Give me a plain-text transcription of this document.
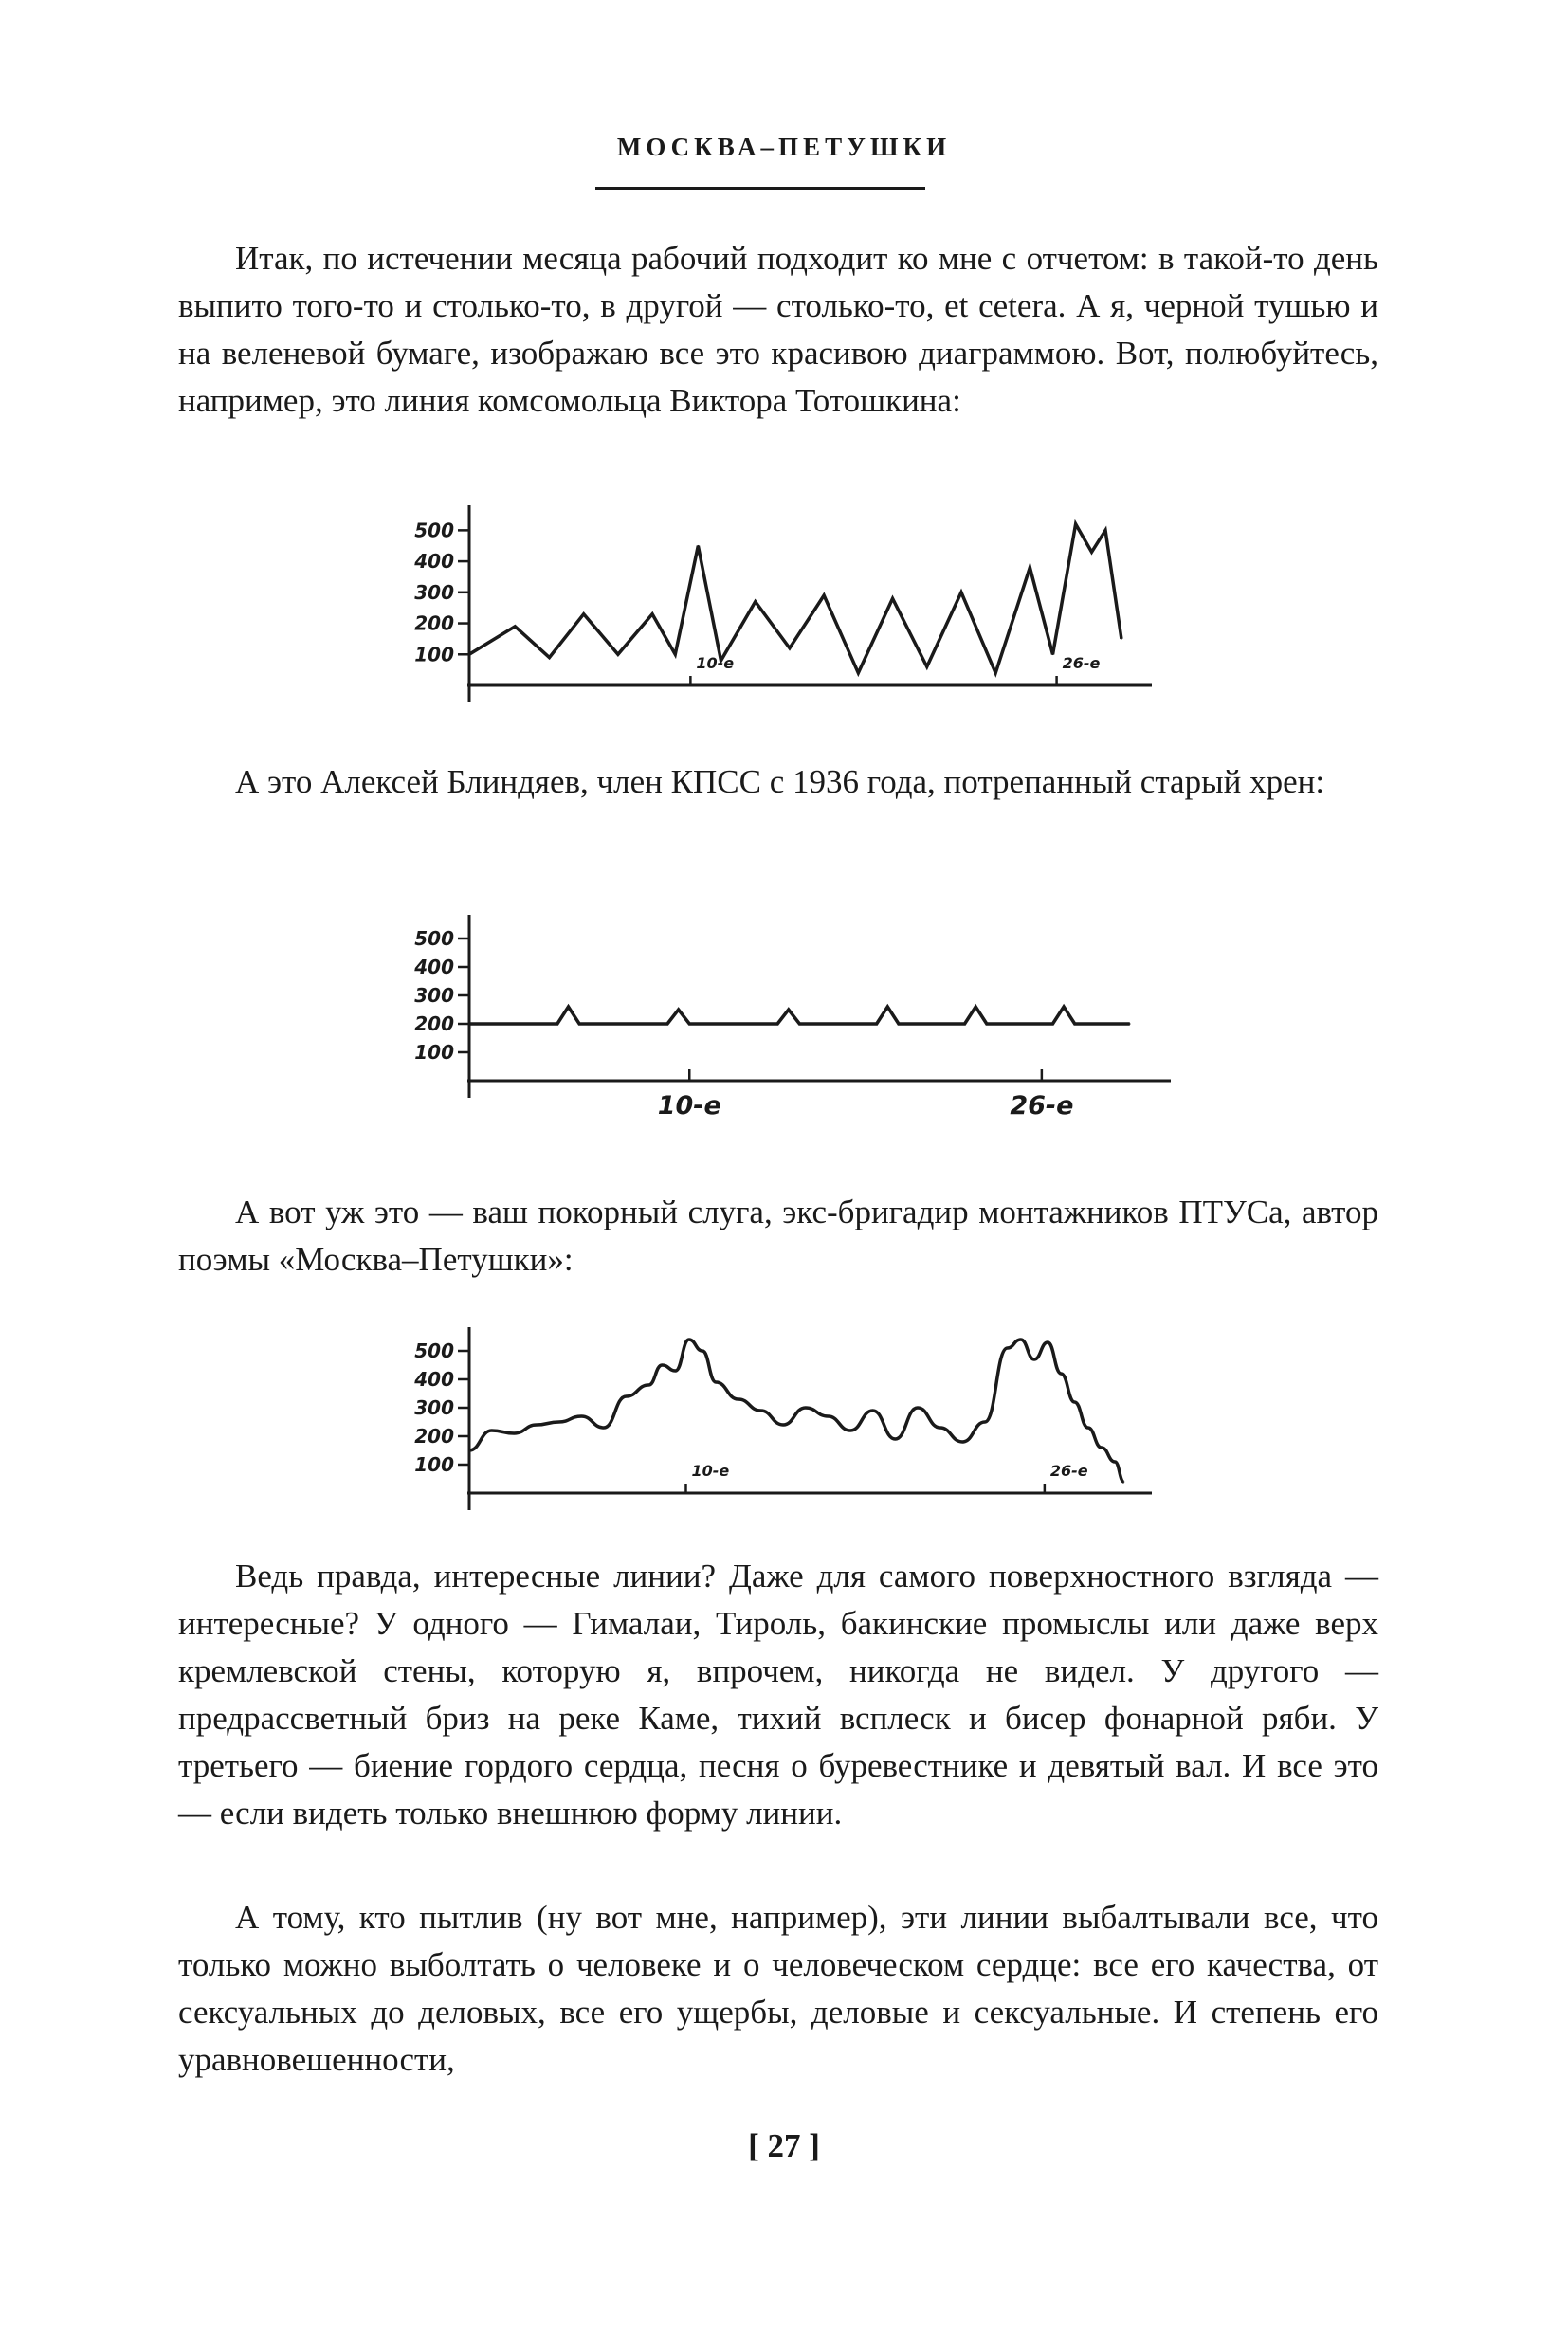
МОСКВА–ПЕТУШКИ

Итак, по истечении месяца рабочий подходит ко мне с отчетом: в такой-то день выпито того-то и столько-то, в другой — столько-то, et cetera. А я, черной тушью и на веленевой бумаге, изображаю все это красивою диаграммою. Вот, полюбуйтесь, например, это линия комсомольца Виктора Тотошкина:

100
200
300
400
500
10-е	26-е

А это Алексей Блиндяев, член КПСС с 1936 года, потрепанный старый хрен:

100
200
300
400
500
10-е	26-е

А вот уж это — ваш покорный слуга, экс-бригадир монтажников ПТУСа, автор поэмы «Москва–Петушки»:

100
200
300
400
500
10-е	26-е

Ведь правда, интересные линии? Даже для самого поверхностного взгляда — интересные? У одного — Гималаи, Тироль, бакинские промыслы или даже верх кремлевской стены, которую я, впрочем, никогда не видел. У другого — предрассветный бриз на реке Каме, тихий всплеск и бисер фонарной ряби. У третьего — биение гордого сердца, песня о буревестнике и девятый вал. И все это — если видеть только внешнюю форму линии.

А тому, кто пытлив (ну вот мне, например), эти линии выбалтывали все, что только можно выболтать о человеке и о человеческом сердце: все его качества, от сексуальных до деловых, все его ущербы, деловые и сексуальные. И степень его уравновешенности,

[ 27 ]
